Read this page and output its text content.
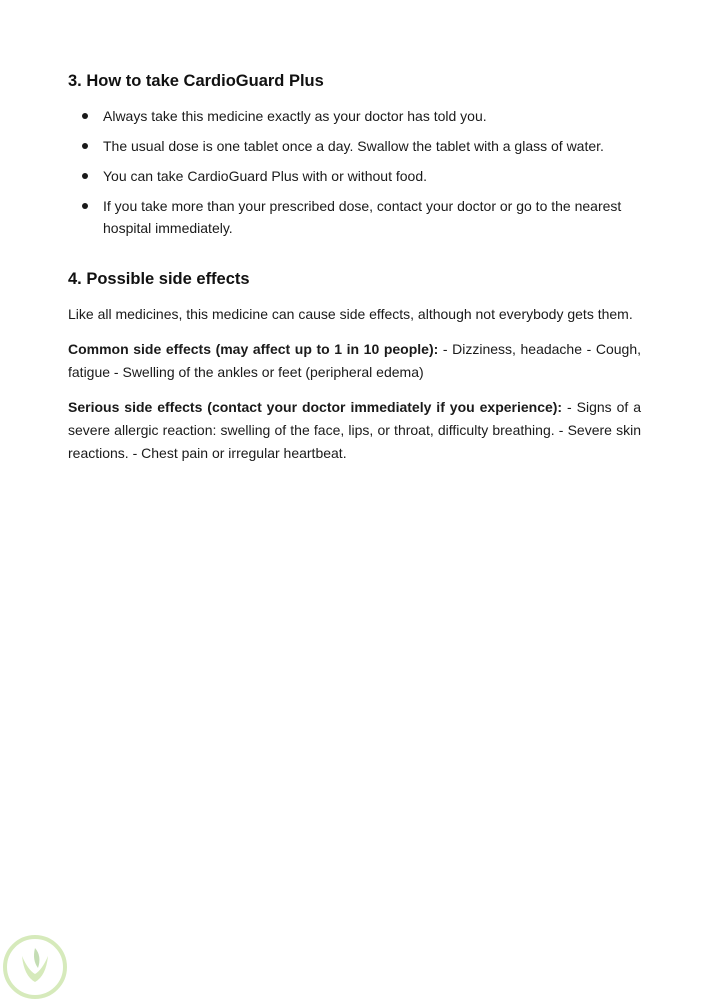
3. How to take CardioGuard Plus
Always take this medicine exactly as your doctor has told you.
The usual dose is one tablet once a day. Swallow the tablet with a glass of water.
You can take CardioGuard Plus with or without food.
If you take more than your prescribed dose, contact your doctor or go to the nearest hospital immediately.
4. Possible side effects

Like all medicines, this medicine can cause side effects, although not everybody gets them.

Common side effects (may affect up to 1 in 10 people): - Dizziness, headache - Cough, fatigue - Swelling of the ankles or feet (peripheral edema)

Serious side effects (contact your doctor immediately if you experience): - Signs of a severe allergic reaction: swelling of the face, lips, or throat, difficulty breathing. - Severe skin reactions. - Chest pain or irregular heartbeat.
